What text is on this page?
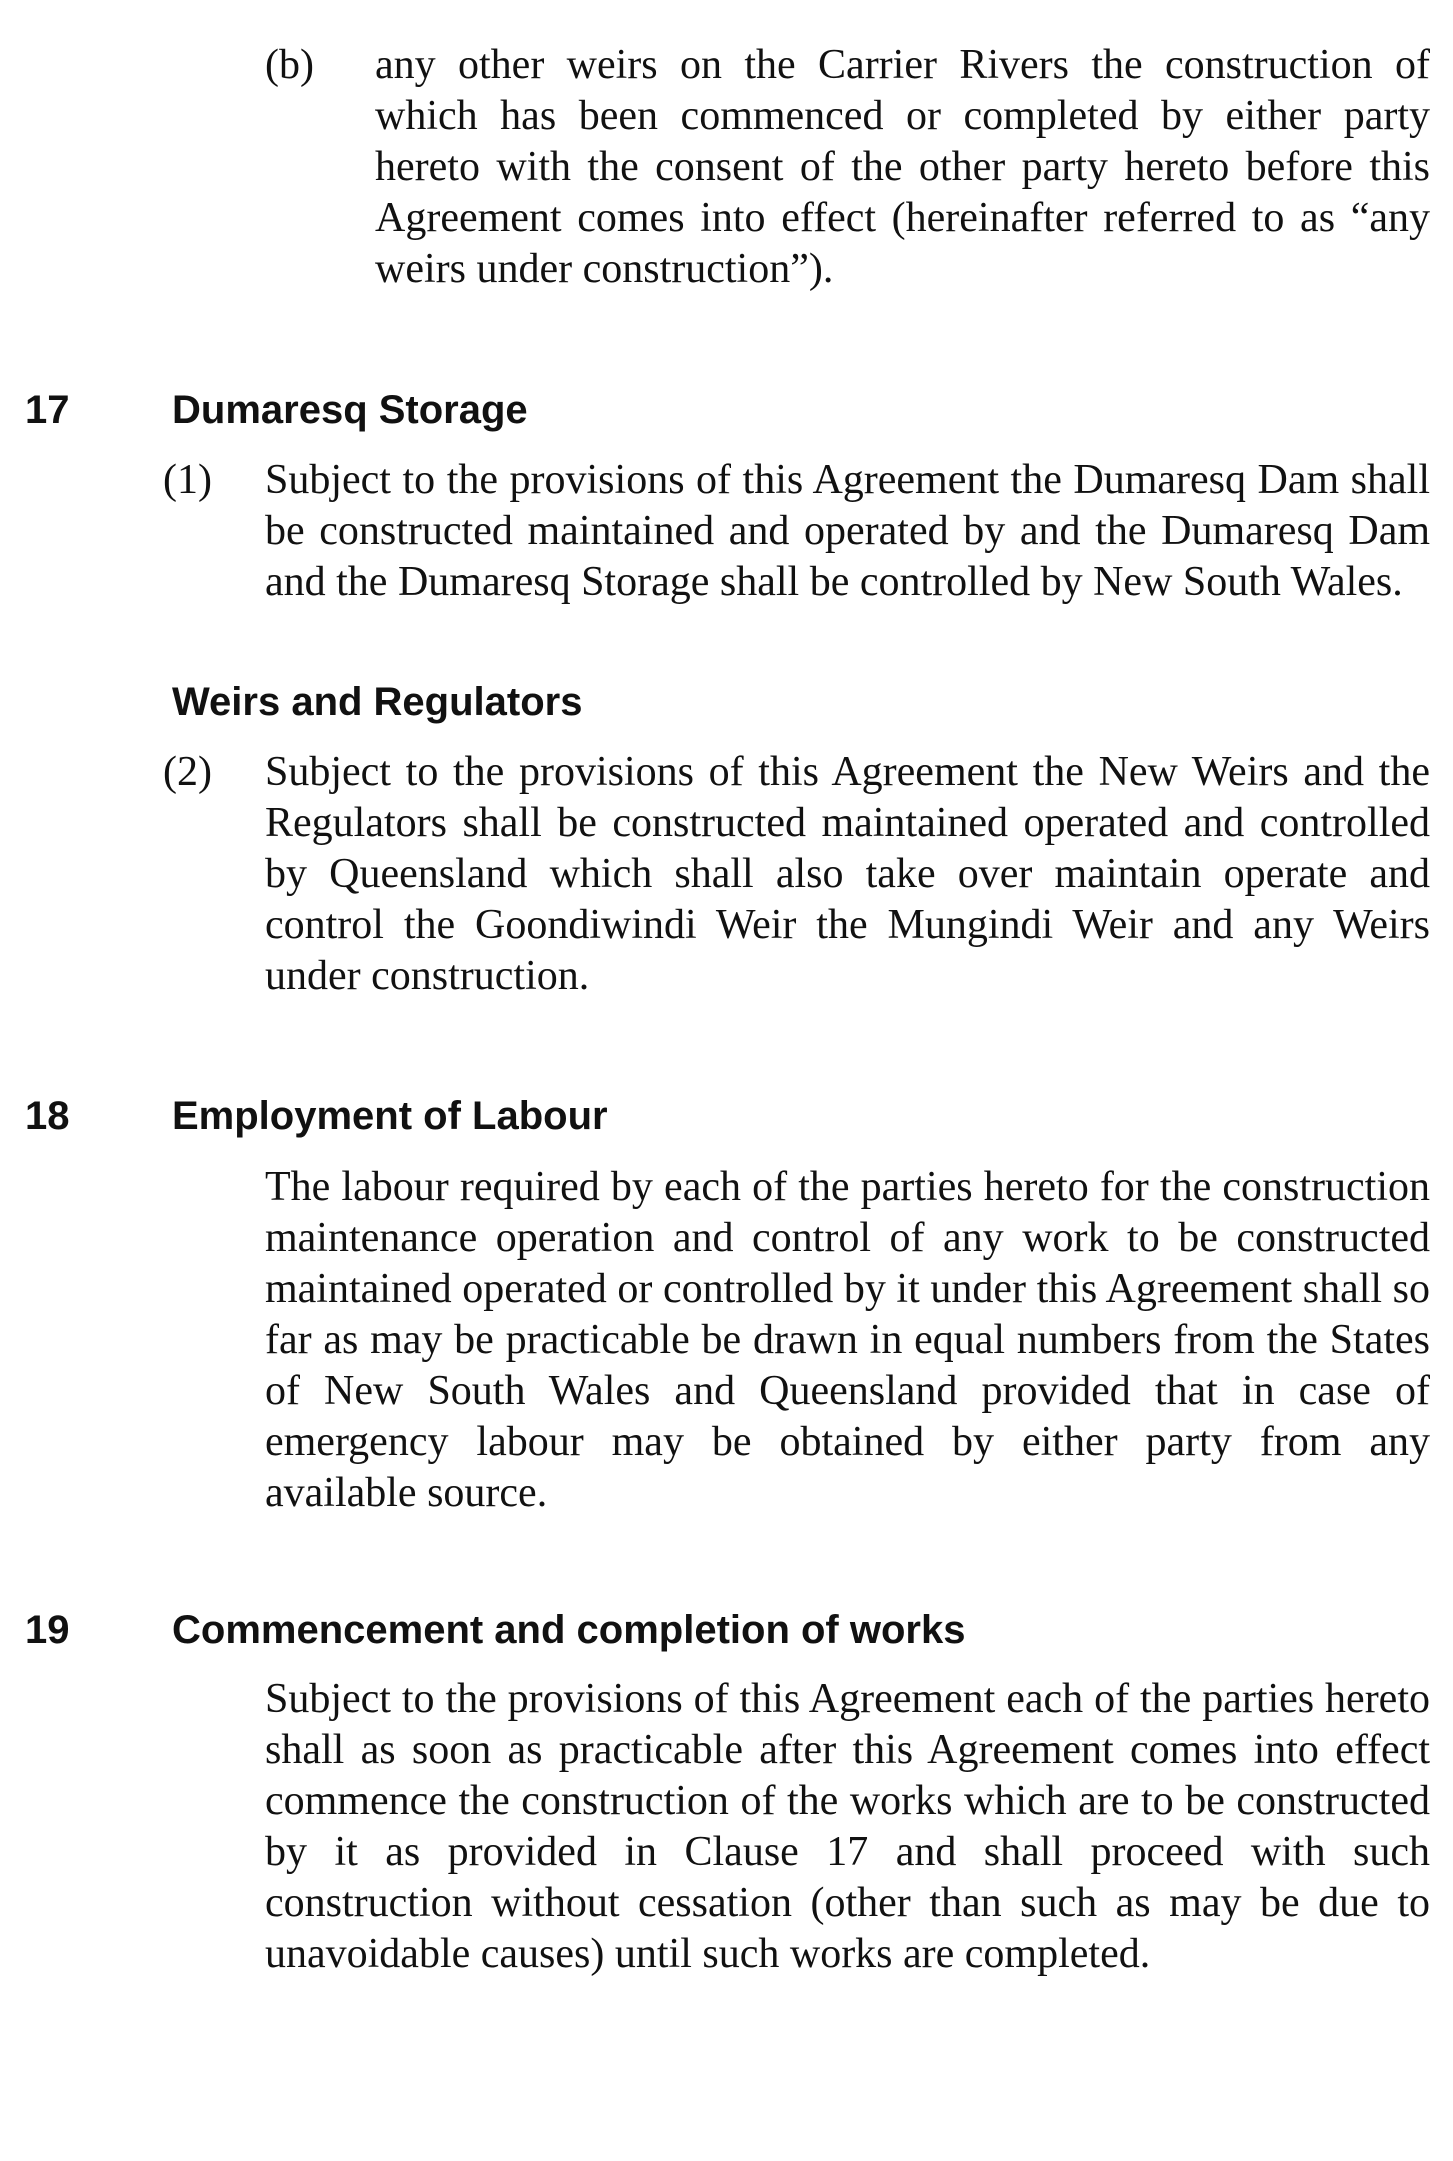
(b) any other weirs on the Carrier Rivers the construction of which has been commenced or completed by either party hereto with the consent of the other party hereto before this Agreement comes into effect (hereinafter referred to as “any weirs under construction”).
17	Dumaresq Storage
(1) Subject to the provisions of this Agreement the Dumaresq Dam shall be constructed maintained and operated by and the Dumaresq Dam and the Dumaresq Storage shall be controlled by New South Wales.
Weirs and Regulators
(2) Subject to the provisions of this Agreement the New Weirs and the Regulators shall be constructed maintained operated and controlled by Queensland which shall also take over maintain operate and control the Goondiwindi Weir the Mungindi Weir and any Weirs under construction.
18	Employment of Labour
The labour required by each of the parties hereto for the construction maintenance operation and control of any work to be constructed maintained operated or controlled by it under this Agreement shall so far as may be practicable be drawn in equal numbers from the States of New South Wales and Queensland provided that in case of emergency labour may be obtained by either party from any available source.
19	Commencement and completion of works
Subject to the provisions of this Agreement each of the parties hereto shall as soon as practicable after this Agreement comes into effect commence the construction of the works which are to be constructed by it as provided in Clause 17 and shall proceed with such construction without cessation (other than such as may be due to unavoidable causes) until such works are completed.
